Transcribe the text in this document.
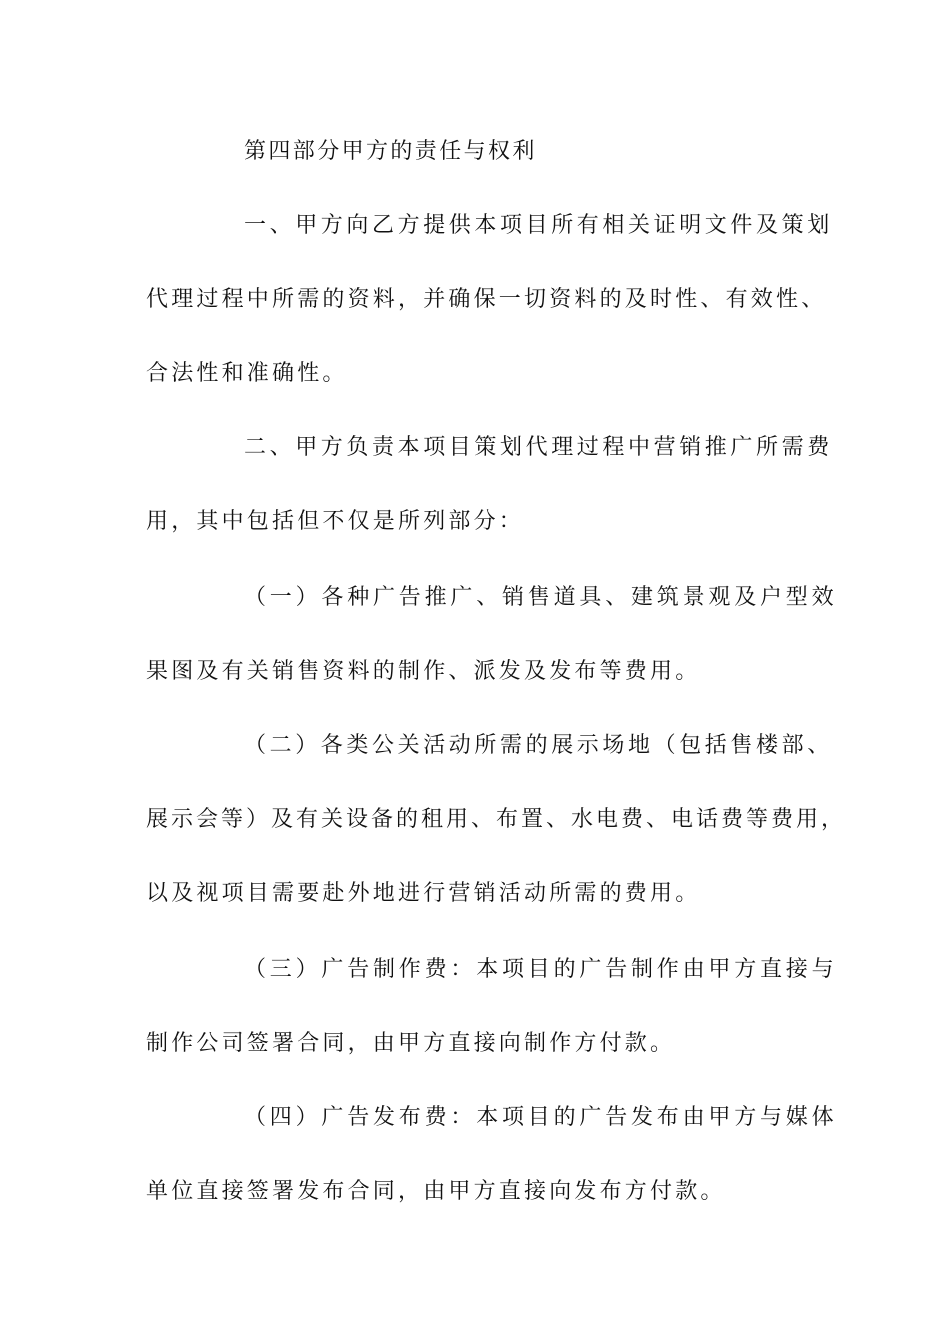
第四部分甲方的责任与权利
一、甲方向乙方提供本项目所有相关证明文件及策划
代理过程中所需的资料，并确保一切资料的及时性、有效性、
合法性和准确性。
二、甲方负责本项目策划代理过程中营销推广所需费
用，其中包括但不仅是所列部分：
（一）各种广告推广、销售道具、建筑景观及户型效
果图及有关销售资料的制作、派发及发布等费用。
（二）各类公关活动所需的展示场地（包括售楼部、
展示会等）及有关设备的租用、布置、水电费、电话费等费用，
以及视项目需要赴外地进行营销活动所需的费用。
（三）广告制作费：本项目的广告制作由甲方直接与
制作公司签署合同，由甲方直接向制作方付款。
（四）广告发布费：本项目的广告发布由甲方与媒体
单位直接签署发布合同，由甲方直接向发布方付款。
